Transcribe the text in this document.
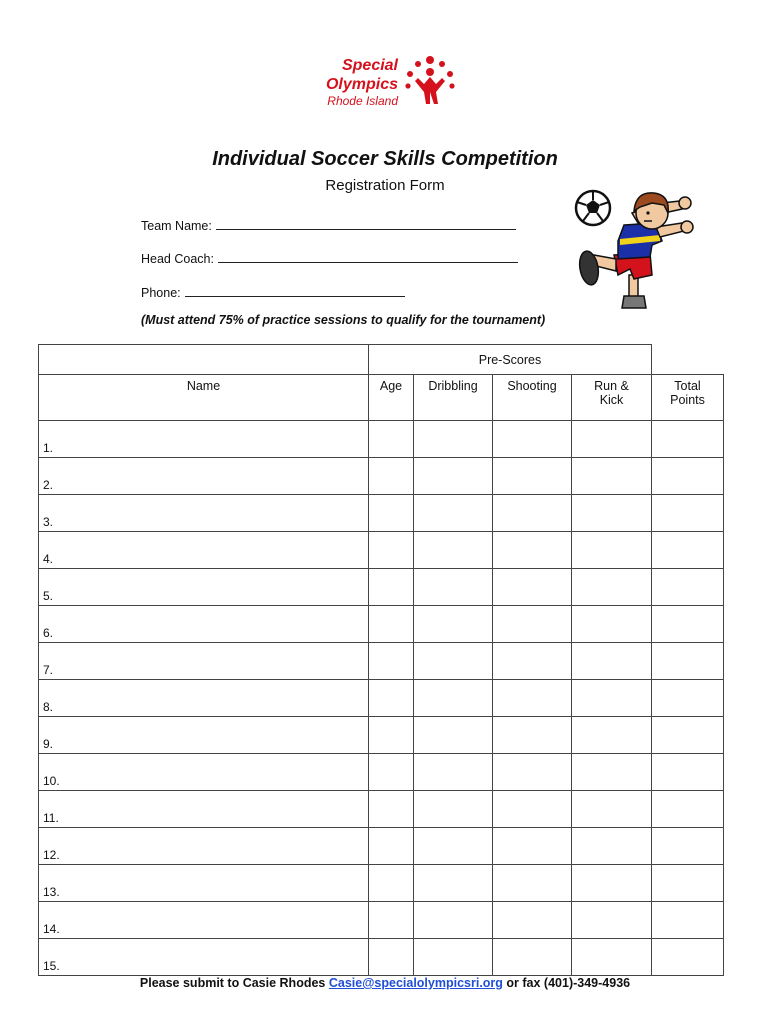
Special
Olympics
Rhode Island
Individual Soccer Skills Competition
Registration Form
Team Name:
Head Coach:
Phone:
(Must attend 75% of practice sessions to qualify for the tournament)
	Pre-Scores				
Name	Age	Dribbling	Shooting	Run & Kick	Total Points
1.					
2.					
3.					
4.					
5.					
6.					
7.					
8.					
9.					
10.					
11.					
12.					
13.					
14.					
15.					
Please submit to Casie Rhodes Casie@specialolympicsri.org or fax (401)-349-4936
